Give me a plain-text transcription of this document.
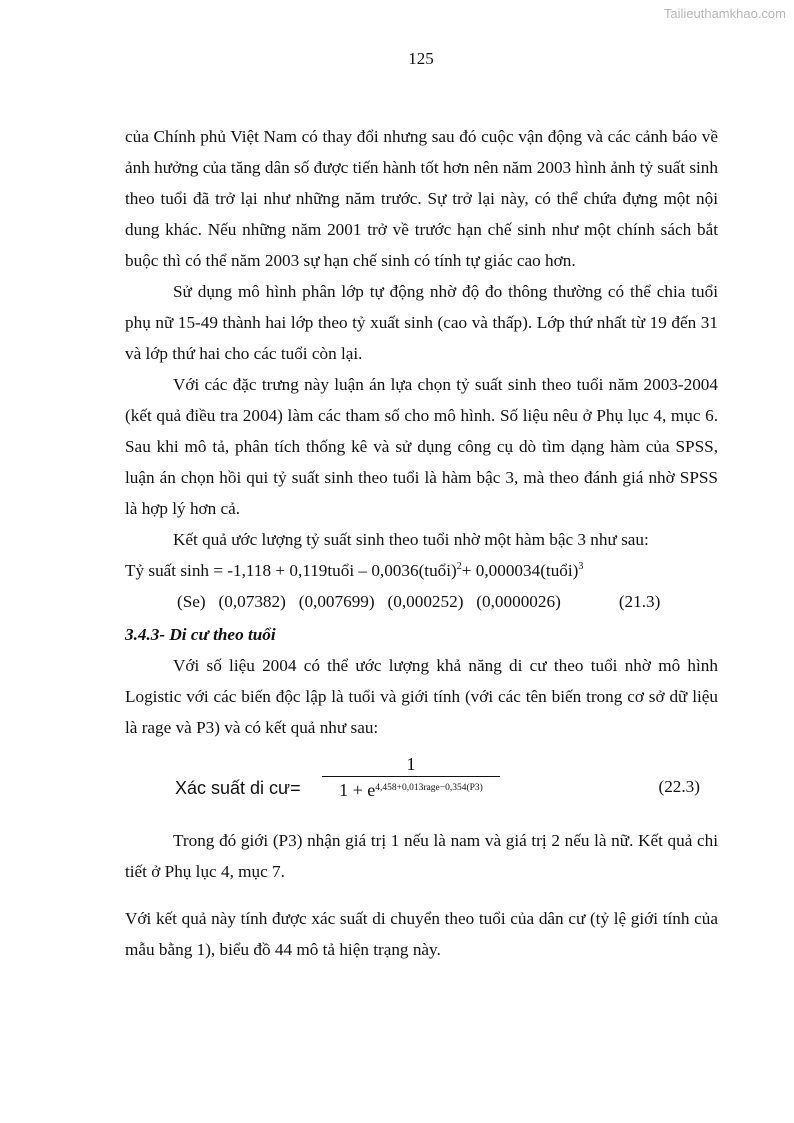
Tailieuthamkhao.com
125

của Chính phủ Việt Nam có thay đổi nhưng sau đó cuộc vận động và các cảnh báo về ảnh hưởng của tăng dân số được tiến hành tốt hơn nên năm 2003 hình ảnh tỷ suất sinh theo tuổi đã trở lại như những năm trước. Sự trở lại này, có thể chứa đựng một nội dung khác. Nếu những năm 2001 trở về trước hạn chế sinh như một chính sách bắt buộc thì có thể năm 2003 sự hạn chế sinh có tính tự giác cao hơn.

Sử dụng mô hình phân lớp tự động nhờ độ đo thông thường có thể chia tuổi phụ nữ 15-49 thành hai lớp theo tỷ xuất sinh (cao và thấp). Lớp thứ nhất từ 19 đến 31 và lớp thứ hai cho các tuổi còn lại.

Với các đặc trưng này luận án lựa chọn tỷ suất sinh theo tuổi năm 2003-2004 (kết quả điều tra 2004) làm các tham số cho mô hình. Số liệu nêu ở Phụ lục 4, mục 6. Sau khi mô tả, phân tích thống kê và sử dụng công cụ dò tìm dạng hàm của SPSS, luận án chọn hồi qui tỷ suất sinh theo tuổi là hàm bậc 3, mà theo đánh giá nhờ SPSS là hợp lý hơn cả.

Kết quả ước lượng tỷ suất sinh theo tuổi nhờ một hàm bậc 3 như sau:

Tỷ suất sinh = -1,118 + 0,119tuổi – 0,0036(tuổi)$^2$+ 0,000034(tuổi)$^3$

(Se)   (0,07382)   (0,007699)   (0,000252)   (0,0000026)	(21.3)

3.4.3- Di cư theo tuổi

Với số liệu 2004 có thể ước lượng khả năng di cư theo tuổi nhờ mô hình Logistic với các biến độc lập là tuổi và giới tính (với các tên biến trong cơ sở dữ liệu là rage và P3) và có kết quả như sau:

Xác suất di cư=
1
$1 + e^{4,458+0,013rage-0,354(P3)}$	(22.3)

Trong đó giới (P3) nhận giá trị 1 nếu là nam và giá trị 2 nếu là nữ. Kết quả chi tiết ở Phụ lục 4, mục 7.

Với kết quả này tính được xác suất di chuyển theo tuổi của dân cư (tỷ lệ giới tính của mẫu bằng 1), biểu đồ 44 mô tả hiện trạng này.
